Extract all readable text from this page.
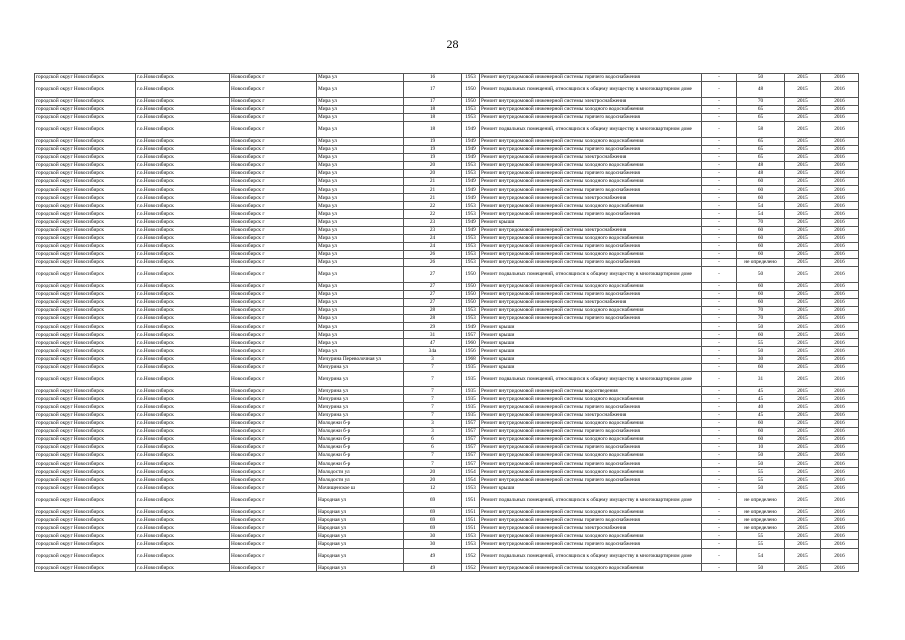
28
городской округ Новосибирск	г.о.Новосибирск	Новосибирск г	Мира ул	16	1953	Ремонт внутридомовой инженерной системы горячего водоснабжения	-	50	2015	2016
городской округ Новосибирск	г.о.Новосибирск	Новосибирск г	Мира ул	17	1950	Ремонт подвальных помещений, относящихся к общему имуществу в многоквартирном доме	-	48	2015	2016
городской округ Новосибирск	г.о.Новосибирск	Новосибирск г	Мира ул	17	1950	Ремонт внутридомовой инженерной системы электроснабжения	-	70	2015	2016
городской округ Новосибирск	г.о.Новосибирск	Новосибирск г	Мира ул	18	1953	Ремонт внутридомовой инженерной системы холодного водоснабжения	-	65	2015	2016
городской округ Новосибирск	г.о.Новосибирск	Новосибирск г	Мира ул	18	1953	Ремонт внутридомовой инженерной системы горячего водоснабжения	-	65	2015	2016
городской округ Новосибирск	г.о.Новосибирск	Новосибирск г	Мира ул	18	1949	Ремонт подвальных помещений, относящихся к общему имуществу в многоквартирном доме	-	58	2015	2016
городской округ Новосибирск	г.о.Новосибирск	Новосибирск г	Мира ул	19	1949	Ремонт внутридомовой инженерной системы холодного водоснабжения	-	65	2015	2016
городской округ Новосибирск	г.о.Новосибирск	Новосибирск г	Мира ул	19	1949	Ремонт внутридомовой инженерной системы горячего водоснабжения	-	65	2015	2016
городской округ Новосибирск	г.о.Новосибирск	Новосибирск г	Мира ул	19	1949	Ремонт внутридомовой инженерной системы электроснабжения	-	65	2015	2016
городской округ Новосибирск	г.о.Новосибирск	Новосибирск г	Мира ул	20	1953	Ремонт внутридомовой инженерной системы холодного водоснабжения	-	48	2015	2016
городской округ Новосибирск	г.о.Новосибирск	Новосибирск г	Мира ул	20	1953	Ремонт внутридомовой инженерной системы горячего водоснабжения	-	48	2015	2016
городской округ Новосибирск	г.о.Новосибирск	Новосибирск г	Мира ул	21	1949	Ремонт внутридомовой инженерной системы холодного водоснабжения	-	60	2015	2016
городской округ Новосибирск	г.о.Новосибирск	Новосибирск г	Мира ул	21	1949	Ремонт внутридомовой инженерной системы горячего водоснабжения	-	60	2015	2016
городской округ Новосибирск	г.о.Новосибирск	Новосибирск г	Мира ул	21	1949	Ремонт внутридомовой инженерной системы электроснабжения	-	60	2015	2016
городской округ Новосибирск	г.о.Новосибирск	Новосибирск г	Мира ул	22	1953	Ремонт внутридомовой инженерной системы холодного водоснабжения	-	54	2015	2016
городской округ Новосибирск	г.о.Новосибирск	Новосибирск г	Мира ул	22	1953	Ремонт внутридомовой инженерной системы горячего водоснабжения	-	54	2015	2016
городской округ Новосибирск	г.о.Новосибирск	Новосибирск г	Мира ул	23	1949	Ремонт крыши	-	70	2015	2016
городской округ Новосибирск	г.о.Новосибирск	Новосибирск г	Мира ул	23	1949	Ремонт внутридомовой инженерной системы электроснабжения	-	60	2015	2016
городской округ Новосибирск	г.о.Новосибирск	Новосибирск г	Мира ул	24	1953	Ремонт внутридомовой инженерной системы холодного водоснабжения	-	60	2015	2016
городской округ Новосибирск	г.о.Новосибирск	Новосибирск г	Мира ул	24	1953	Ремонт внутридомовой инженерной системы горячего водоснабжения	-	60	2015	2016
городской округ Новосибирск	г.о.Новосибирск	Новосибирск г	Мира ул	26	1953	Ремонт внутридомовой инженерной системы холодного водоснабжения	-	60	2015	2016
городской округ Новосибирск	г.о.Новосибирск	Новосибирск г	Мира ул	26	1953	Ремонт внутридомовой инженерной системы горячего водоснабжения	-	не определено	2015	2016
городской округ Новосибирск	г.о.Новосибирск	Новосибирск г	Мира ул	27	1950	Ремонт подвальных помещений, относящихся к общему имуществу в многоквартирном доме	-	50	2015	2016
городской округ Новосибирск	г.о.Новосибирск	Новосибирск г	Мира ул	27	1950	Ремонт внутридомовой инженерной системы холодного водоснабжения	-	60	2015	2016
городской округ Новосибирск	г.о.Новосибирск	Новосибирск г	Мира ул	27	1950	Ремонт внутридомовой инженерной системы горячего водоснабжения	-	60	2015	2016
городской округ Новосибирск	г.о.Новосибирск	Новосибирск г	Мира ул	27	1950	Ремонт внутридомовой инженерной системы электроснабжения	-	60	2015	2016
городской округ Новосибирск	г.о.Новосибирск	Новосибирск г	Мира ул	28	1953	Ремонт внутридомовой инженерной системы холодного водоснабжения	-	70	2015	2016
городской округ Новосибирск	г.о.Новосибирск	Новосибирск г	Мира ул	28	1953	Ремонт внутридомовой инженерной системы горячего водоснабжения	-	70	2015	2016
городской округ Новосибирск	г.о.Новосибирск	Новосибирск г	Мира ул	29	1949	Ремонт крыши	-	50	2015	2016
городской округ Новосибирск	г.о.Новосибирск	Новосибирск г	Мира ул	31	1957	Ремонт крыши	-	60	2015	2016
городской округ Новосибирск	г.о.Новосибирск	Новосибирск г	Мира ул	47	1960	Ремонт крыши	-	55	2015	2016
городской округ Новосибирск	г.о.Новосибирск	Новосибирск г	Мира ул	34а	1956	Ремонт крыши	-	50	2015	2016
городской округ Новосибирск	г.о.Новосибирск	Новосибирск г	Мичурина Переволочная ул	3	1968	Ремонт крыши	-	30	2015	2016
городской округ Новосибирск	г.о.Новосибирск	Новосибирск г	Мичурина ул	7	1935	Ремонт крыши	-	60	2015	2016
городской округ Новосибирск	г.о.Новосибирск	Новосибирск г	Мичурина ул	7	1935	Ремонт подвальных помещений, относящихся к общему имуществу в многоквартирном доме	-	31	2015	2016
городской округ Новосибирск	г.о.Новосибирск	Новосибирск г	Мичурина ул	7	1935	Ремонт внутридомовой инженерной системы водоотведения	-	45	2015	2016
городской округ Новосибирск	г.о.Новосибирск	Новосибирск г	Мичурина ул	7	1935	Ремонт внутридомовой инженерной системы холодного водоснабжения	-	45	2015	2016
городской округ Новосибирск	г.о.Новосибирск	Новосибирск г	Мичурина ул	7	1935	Ремонт внутридомовой инженерной системы горячего водоснабжения	-	40	2015	2016
городской округ Новосибирск	г.о.Новосибирск	Новосибирск г	Мичурина ул	7	1935	Ремонт внутридомовой инженерной системы электроснабжения	-	45	2015	2016
городской округ Новосибирск	г.о.Новосибирск	Новосибирск г	Молодежи б-р	3	1957	Ремонт внутридомовой инженерной системы холодного водоснабжения	-	60	2015	2016
городской округ Новосибирск	г.о.Новосибирск	Новосибирск г	Молодежи б-р	3	1957	Ремонт внутридомовой инженерной системы горячего водоснабжения	-	60	2015	2016
городской округ Новосибирск	г.о.Новосибирск	Новосибирск г	Молодежи б-р	6	1957	Ремонт внутридомовой инженерной системы холодного водоснабжения	-	60	2015	2016
городской округ Новосибирск	г.о.Новосибирск	Новосибирск г	Молодежи б-р	6	1957	Ремонт внутридомовой инженерной системы горячего водоснабжения	-	10	2015	2016
городской округ Новосибирск	г.о.Новосибирск	Новосибирск г	Молодежи б-р	7	1957	Ремонт внутридомовой инженерной системы холодного водоснабжения	-	50	2015	2016
городской округ Новосибирск	г.о.Новосибирск	Новосибирск г	Молодежи б-р	7	1957	Ремонт внутридомовой инженерной системы горячего водоснабжения	-	50	2015	2016
городской округ Новосибирск	г.о.Новосибирск	Новосибирск г	Молодости ул	20	1954	Ремонт внутридомовой инженерной системы холодного водоснабжения	-	55	2015	2016
городской округ Новосибирск	г.о.Новосибирск	Новосибирск г	Молодости ул	20	1954	Ремонт внутридомовой инженерной системы горячего водоснабжения	-	55	2015	2016
городской округ Новосибирск	г.о.Новосибирск	Новосибирск г	Мочищенское ш	12	1953	Ремонт крыши	-	50	2015	2016
городской округ Новосибирск	г.о.Новосибирск	Новосибирск г	Народная ул	69	1951	Ремонт подвальных помещений, относящихся к общему имуществу в многоквартирном доме	-	не определено	2015	2016
городской округ Новосибирск	г.о.Новосибирск	Новосибирск г	Народная ул	69	1951	Ремонт внутридомовой инженерной системы холодного водоснабжения	-	не определено	2015	2016
городской округ Новосибирск	г.о.Новосибирск	Новосибирск г	Народная ул	69	1951	Ремонт внутридомовой инженерной системы горячего водоснабжения	-	не определено	2015	2016
городской округ Новосибирск	г.о.Новосибирск	Новосибирск г	Народная ул	69	1951	Ремонт внутридомовой инженерной системы электроснабжения	-	не определено	2015	2016
городской округ Новосибирск	г.о.Новосибирск	Новосибирск г	Народная ул	30	1953	Ремонт внутридомовой инженерной системы холодного водоснабжения	-	55	2015	2016
городской округ Новосибирск	г.о.Новосибирск	Новосибирск г	Народная ул	30	1953	Ремонт внутридомовой инженерной системы горячего водоснабжения	-	55	2015	2016
городской округ Новосибирск	г.о.Новосибирск	Новосибирск г	Народная ул	49	1952	Ремонт подвальных помещений, относящихся к общему имуществу в многоквартирном доме	-	54	2015	2016
городской округ Новосибирск	г.о.Новосибирск	Новосибирск г	Народная ул	49	1952	Ремонт внутридомовой инженерной системы холодного водоснабжения	-	50	2015	2016
